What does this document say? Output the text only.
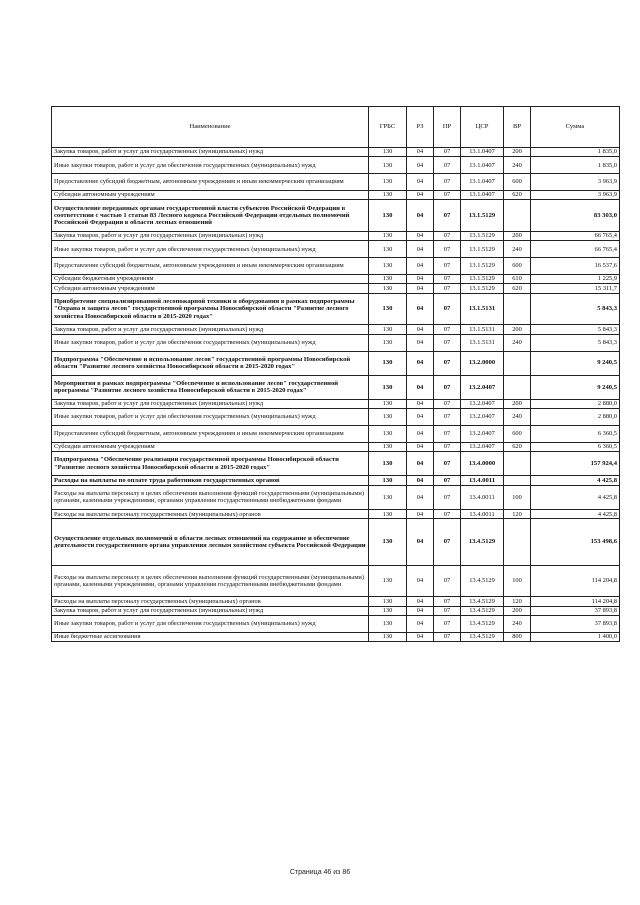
Наименование	ГРБС	РЗ	ПР	ЦСР	ВР	Сумма
Закупка товаров, работ и услуг для государственных (муниципальных) нужд	130	04	07	13.1.0407	200	1 835,0
Иные закупки товаров, работ и услуг для обеспечения государственных (муниципальных) нужд	130	04	07	13.1.0407	240	1 835,0
Предоставление субсидий бюджетным, автономным учреждениям и иным некоммерческим организациям	130	04	07	13.1.0407	600	3 963,9
Субсидии автономным учреждениям	130	04	07	13.1.0407	620	3 963,9
Осуществление переданных органам государственной власти субъектов Российской Федерации в соответствии с частью 1 статьи 83 Лесного кодекса Российской Федерации отдельных полномочий Российской Федерации в области лесных отношений	130	04	07	13.1.5129		83 303,0
Закупка товаров, работ и услуг для государственных (муниципальных) нужд	130	04	07	13.1.5129	200	66 765,4
Иные закупки товаров, работ и услуг для обеспечения государственных (муниципальных) нужд	130	04	07	13.1.5129	240	66 765,4
Предоставление субсидий бюджетным, автономным учреждениям и иным некоммерческим организациям	130	04	07	13.1.5129	600	16 537,6
Субсидии бюджетным учреждениям	130	04	07	13.1.5129	610	1 225,9
Субсидии автономным учреждениям	130	04	07	13.1.5129	620	15 311,7
Приобретение специализированной лесопожарной техники и оборудования в рамках подпрограммы "Охрана и защита лесов" государственной программы Новосибирской области "Развитие лесного хозяйства Новосибирской области в 2015-2020 годах"	130	04	07	13.1.5131		5 843,3
Закупка товаров, работ и услуг для государственных (муниципальных) нужд	130	04	07	13.1.5131	200	5 843,3
Иные закупки товаров, работ и услуг для обеспечения государственных (муниципальных) нужд	130	04	07	13.1.5131	240	5 843,3
Подпрограмма "Обеспечение и использование лесов" государственной программы Новосибирской области "Развитие лесного хозяйства Новосибирской области в 2015-2020 годах"	130	04	07	13.2.0000		9 240,5
Мероприятия в рамках подпрограммы "Обеспечение и использование лесов" государственной программы "Развитие лесного хозяйства Новосибирской области в 2015-2020 годах"	130	04	07	13.2.0407		9 240,5
Закупка товаров, работ и услуг для государственных (муниципальных) нужд	130	04	07	13.2.0407	200	2 880,0
Иные закупки товаров, работ и услуг для обеспечения государственных (муниципальных) нужд	130	04	07	13.2.0407	240	2 880,0
Предоставление субсидий бюджетным, автономным учреждениям и иным некоммерческим организациям	130	04	07	13.2.0407	600	6 360,5
Субсидии автономным учреждениям	130	04	07	13.2.0407	620	6 360,5
Подпрограмма "Обеспечение реализации государственной программы Новосибирской области "Развитие лесного хозяйства Новосибирской области в 2015-2020 годах"	130	04	07	13.4.0000		157 924,4
Расходы на выплаты по оплате труда работников государственных органов	130	04	07	13.4.0011		4 425,8
Расходы на выплаты персоналу в целях обеспечения выполнения функций государственными (муниципальными) органами, казенными учреждениями, органами управления государственными внебюджетными фондами	130	04	07	13.4.0011	100	4 425,8
Расходы на выплаты персоналу государственных (муниципальных) органов	130	04	07	13.4.0011	120	4 425,8
Осуществление отдельных полномочий в области лесных отношений на содержание и обеспечение деятельности государственного органа управления лесным хозяйством субъекта Российской Федерации	130	04	07	13.4.5129		153 498,6
Расходы на выплаты персоналу в целях обеспечения выполнения функций государственными (муниципальными) органами, казенными учреждениями, органами управления государственными внебюджетными фондами	130	04	07	13.4.5129	100	114 204,8
Расходы на выплаты персоналу государственных (муниципальных) органов	130	04	07	13.4.5129	120	114 204,8
Закупка товаров, работ и услуг для государственных (муниципальных) нужд	130	04	07	13.4.5129	200	37 893,8
Иные закупки товаров, работ и услуг для обеспечения государственных (муниципальных) нужд	130	04	07	13.4.5129	240	37 893,8
Иные бюджетные ассигнования	130	04	07	13.4.5129	800	1 400,0
Страница 46 из 86
